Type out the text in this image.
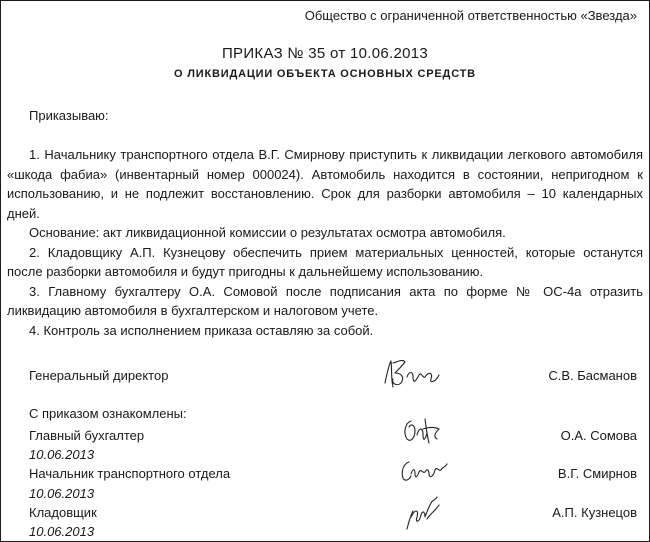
Общество с ограниченной ответственностью «Звезда»
ПРИКАЗ № 35 от 10.06.2013
О ЛИКВИДАЦИИ ОБЪЕКТА ОСНОВНЫХ СРЕДСТВ
Приказываю:

1. Начальнику транспортного отдела В.Г. Смирнову приступить к ликвидации легкового автомобиля «шкода фабиа» (инвентарный номер 000024). Автомобиль находится в состоянии, непригодном к использованию, и не подлежит восстановлению. Срок для разборки автомобиля – 10 календарных дней.

Основание: акт ликвидационной комиссии о результатах осмотра автомобиля.

2. Кладовщику А.П. Кузнецову обеспечить прием материальных ценностей, которые останутся после разборки автомобиля и будут пригодны к дальнейшему использованию.

3. Главному бухгалтеру О.А. Сомовой после подписания акта по форме № ОС-4а отразить ликвидацию автомобиля в бухгалтерском и налоговом учете.

4. Контроль за исполнением приказа оставляю за собой.

Генеральный директор	С.В. Басманов
С приказом ознакомлены:
Главный бухгалтер	О.А. Сомова
10.06.2013
Начальник транспортного отдела	В.Г. Смирнов
10.06.2013
Кладовщик	А.П. Кузнецов
10.06.2013
